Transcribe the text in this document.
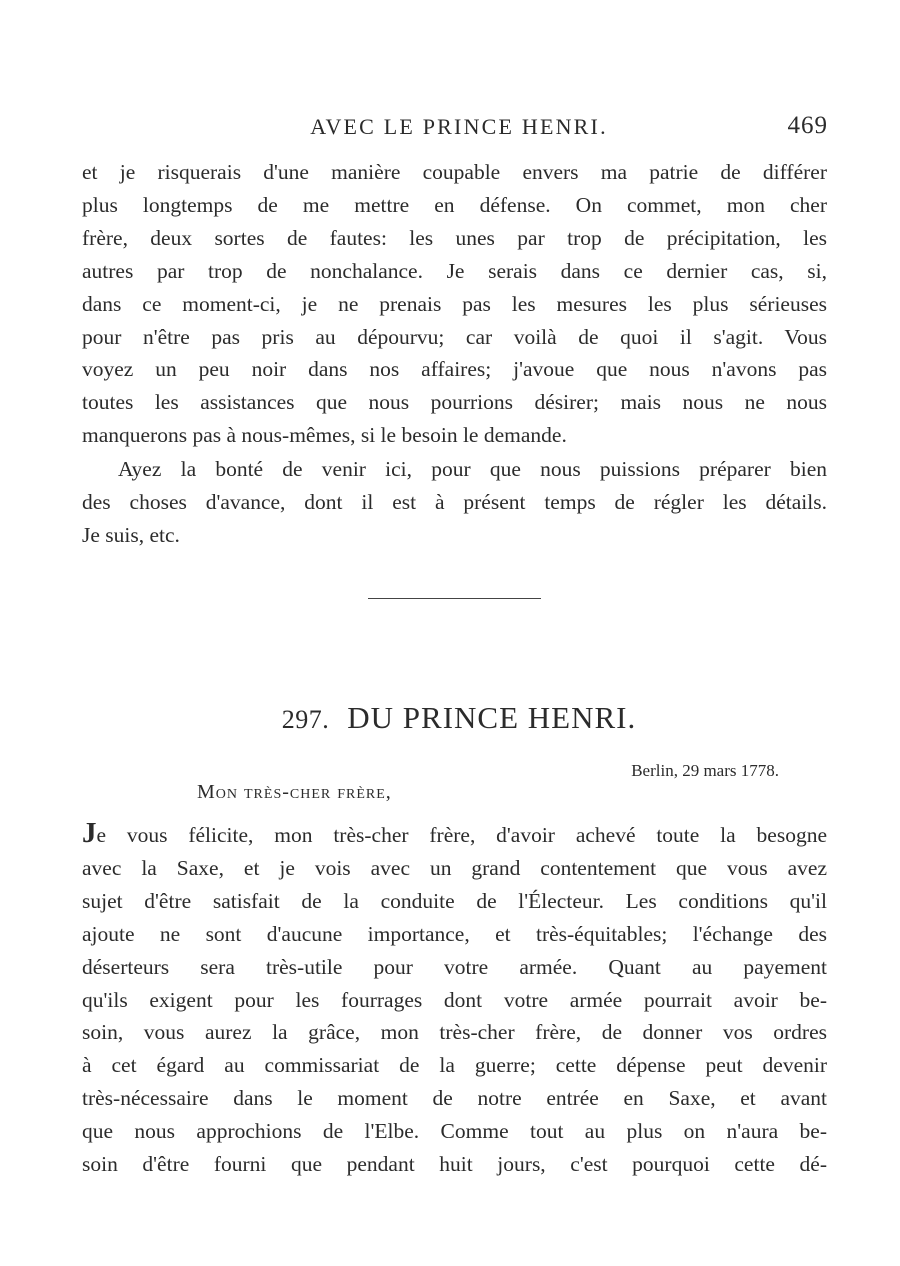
AVEC LE PRINCE HENRI.	469
et je risquerais d'une manière coupable envers ma patrie de différer
plus longtemps de me mettre en défense. On commet, mon cher
frère, deux sortes de fautes: les unes par trop de précipitation, les
autres par trop de nonchalance. Je serais dans ce dernier cas, si,
dans ce moment-ci, je ne prenais pas les mesures les plus sérieuses
pour n'être pas pris au dépourvu; car voilà de quoi il s'agit. Vous
voyez un peu noir dans nos affaires; j'avoue que nous n'avons pas
toutes les assistances que nous pourrions désirer; mais nous ne nous
manquerons pas à nous-mêmes, si le besoin le demande.
Ayez la bonté de venir ici, pour que nous puissions préparer bien
des choses d'avance, dont il est à présent temps de régler les détails.
Je suis, etc.
297. DU PRINCE HENRI.
Berlin, 29 mars 1778.
Mon très-cher frère,
Je vous félicite, mon très-cher frère, d'avoir achevé toute la besogne
avec la Saxe, et je vois avec un grand contentement que vous avez
sujet d'être satisfait de la conduite de l'Électeur. Les conditions qu'il
ajoute ne sont d'aucune importance, et très-équitables; l'échange des
déserteurs sera très-utile pour votre armée. Quant au payement
qu'ils exigent pour les fourrages dont votre armée pourrait avoir be-
soin, vous aurez la grâce, mon très-cher frère, de donner vos ordres
à cet égard au commissariat de la guerre; cette dépense peut devenir
très-nécessaire dans le moment de notre entrée en Saxe, et avant
que nous approchions de l'Elbe. Comme tout au plus on n'aura be-
soin d'être fourni que pendant huit jours, c'est pourquoi cette dé-
